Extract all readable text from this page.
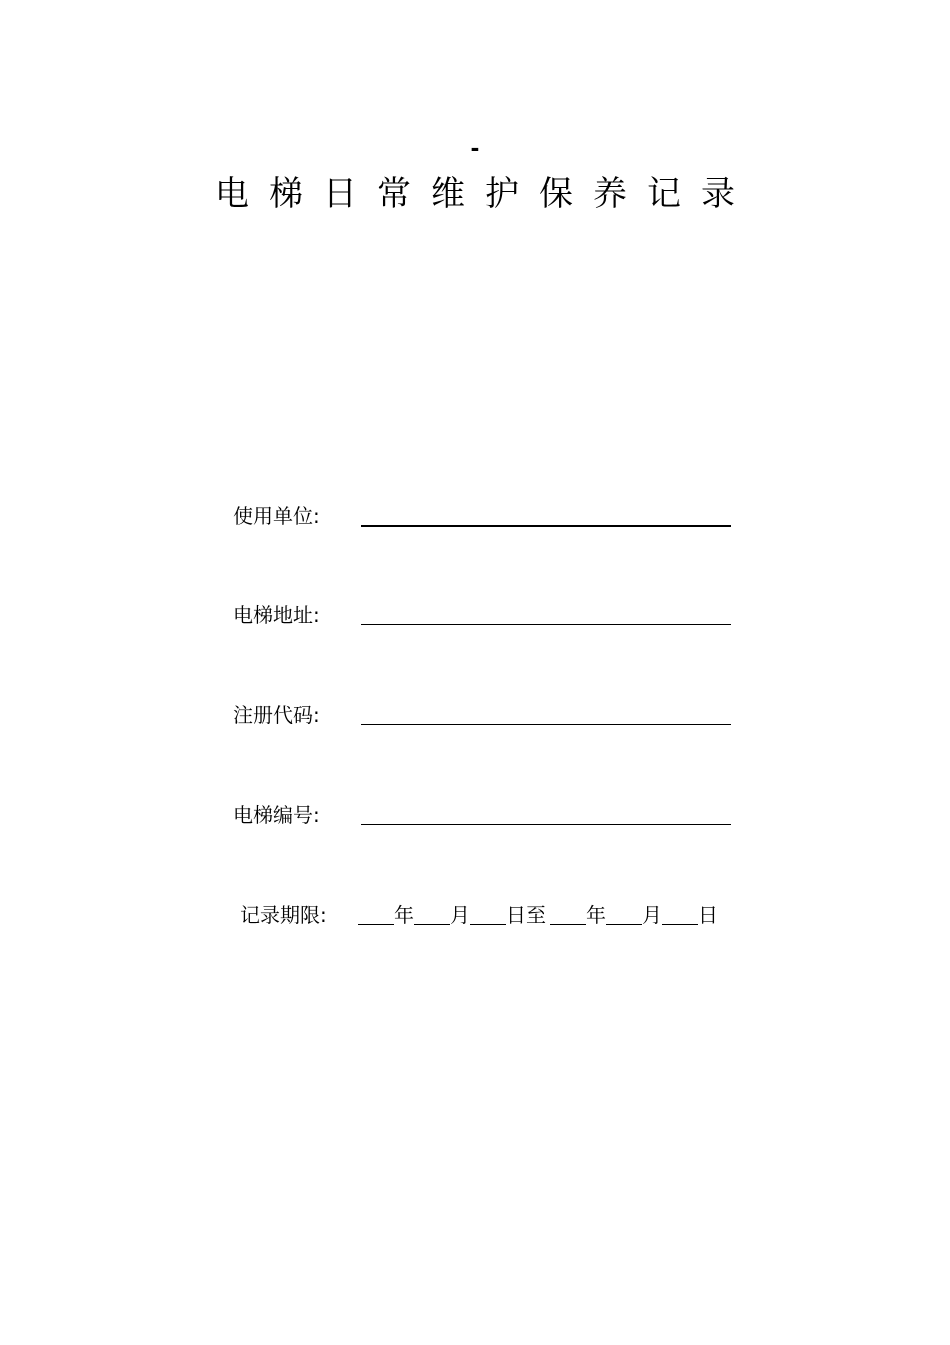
-
电梯日常维护保养记录
使用单位:
电梯地址:
注册代码:
电梯编号:
记录期限:	年 月 日至 年 月 日
